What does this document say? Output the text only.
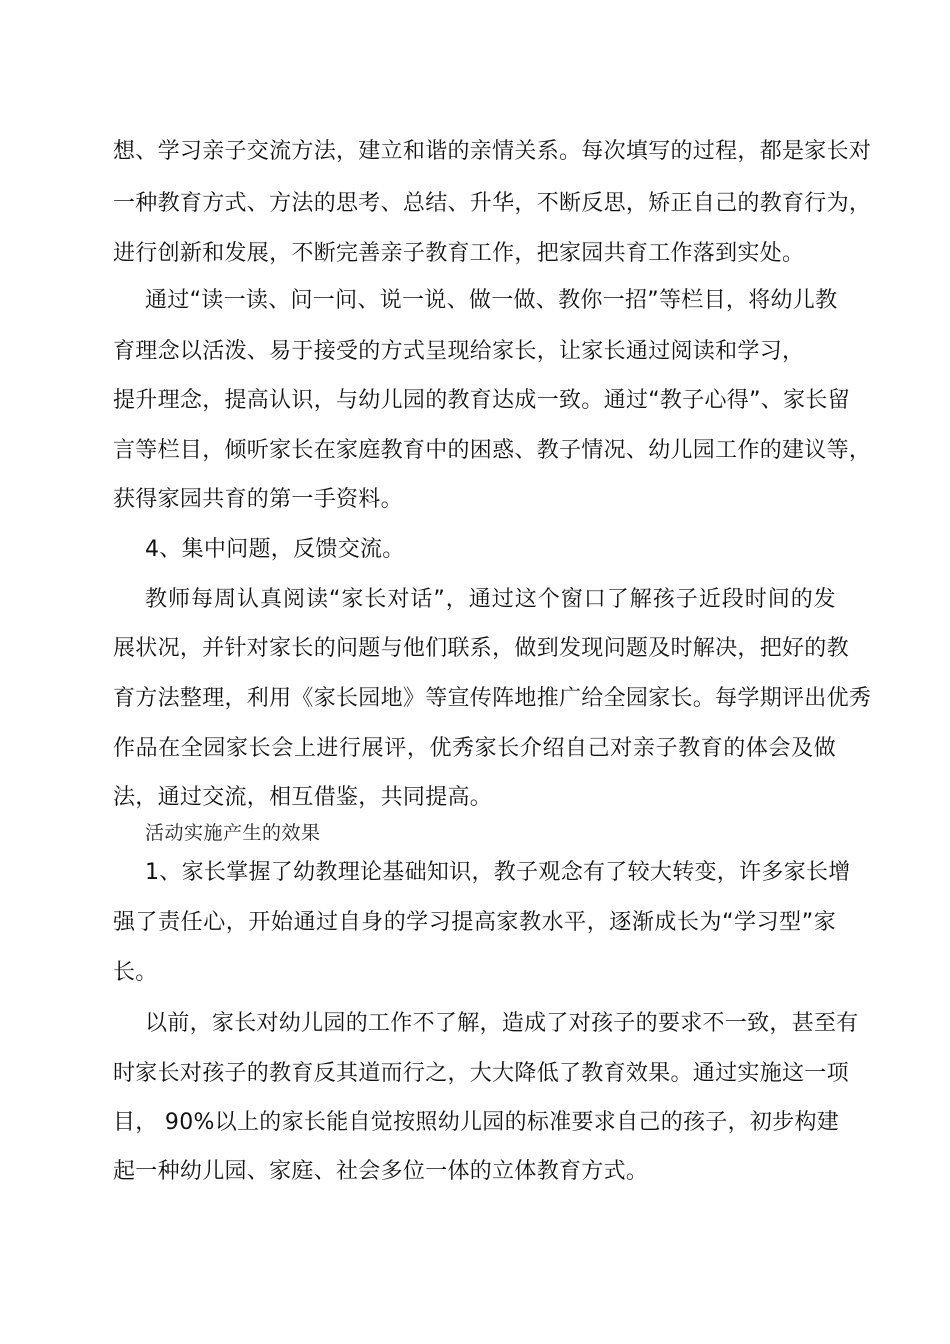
想、学习亲子交流方法，建立和谐的亲情关系。每次填写的过程，都是家长对
一种教育方式、方法的思考、总结、升华，不断反思，矫正自己的教育行为，
进行创新和发展，不断完善亲子教育工作，把家园共育工作落到实处。
通过“读一读、问一问、说一说、做一做、教你一招”等栏目，将幼儿教
育理念以活泼、易于接受的方式呈现给家长，让家长通过阅读和学习，
提升理念，提高认识，与幼儿园的教育达成一致。通过“教子心得”、家长留
言等栏目，倾听家长在家庭教育中的困惑、教子情况、幼儿园工作的建议等，
获得家园共育的第一手资料。
4、集中问题，反馈交流。
教师每周认真阅读“家长对话”，通过这个窗口了解孩子近段时间的发
展状况，并针对家长的问题与他们联系，做到发现问题及时解决，把好的教
育方法整理，利用《家长园地》等宣传阵地推广给全园家长。每学期评出优秀
作品在全园家长会上进行展评，优秀家长介绍自己对亲子教育的体会及做
法，通过交流，相互借鉴，共同提高。
活动实施产生的效果
1、家长掌握了幼教理论基础知识，教子观念有了较大转变，许多家长增
强了责任心，开始通过自身的学习提高家教水平，逐渐成长为“学习型”家
长。
以前，家长对幼儿园的工作不了解，造成了对孩子的要求不一致，甚至有
时家长对孩子的教育反其道而行之，大大降低了教育效果。通过实施这一项
目， 90%以上的家长能自觉按照幼儿园的标准要求自己的孩子，初步构建
起一种幼儿园、家庭、社会多位一体的立体教育方式。
